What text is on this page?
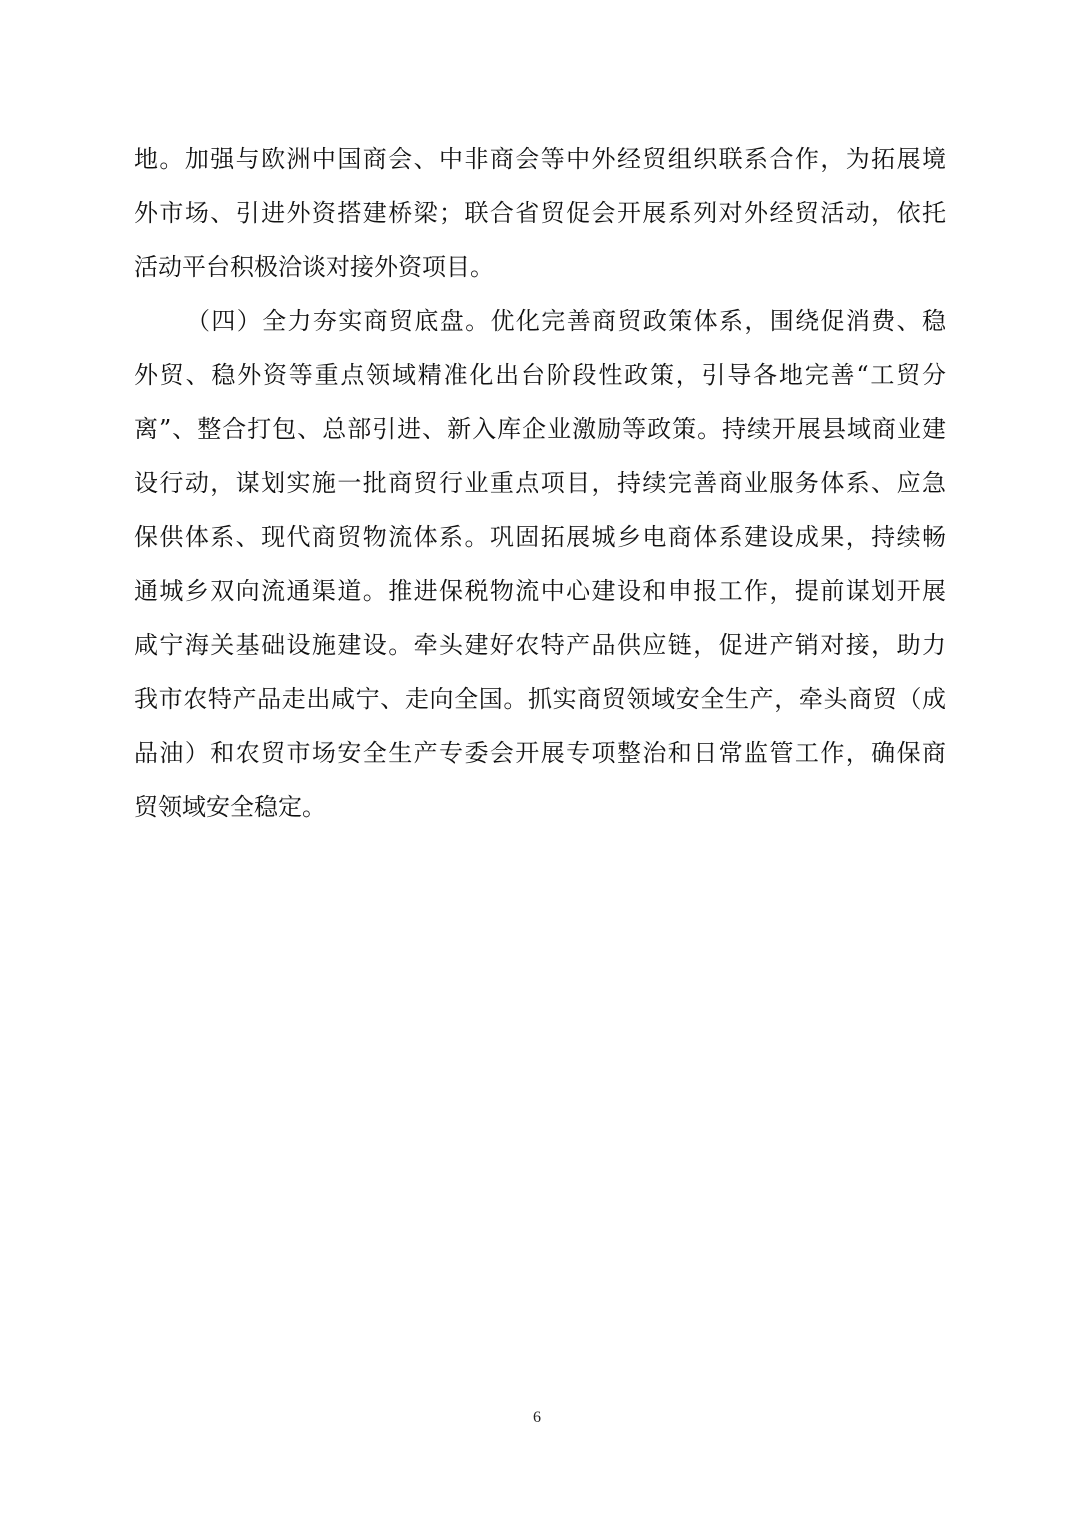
地。加强与欧洲中国商会、中非商会等中外经贸组织联系合作，为拓展境
外市场、引进外资搭建桥梁；联合省贸促会开展系列对外经贸活动，依托
活动平台积极洽谈对接外资项目。
（四）全力夯实商贸底盘。优化完善商贸政策体系，围绕促消费、稳
外贸、稳外资等重点领域精准化出台阶段性政策，引导各地完善“工贸分
离”、整合打包、总部引进、新入库企业激励等政策。持续开展县域商业建
设行动，谋划实施一批商贸行业重点项目，持续完善商业服务体系、应急
保供体系、现代商贸物流体系。巩固拓展城乡电商体系建设成果，持续畅
通城乡双向流通渠道。推进保税物流中心建设和申报工作，提前谋划开展
咸宁海关基础设施建设。牵头建好农特产品供应链，促进产销对接，助力
我市农特产品走出咸宁、走向全国。抓实商贸领域安全生产，牵头商贸（成
品油）和农贸市场安全生产专委会开展专项整治和日常监管工作，确保商
贸领域安全稳定。
6
